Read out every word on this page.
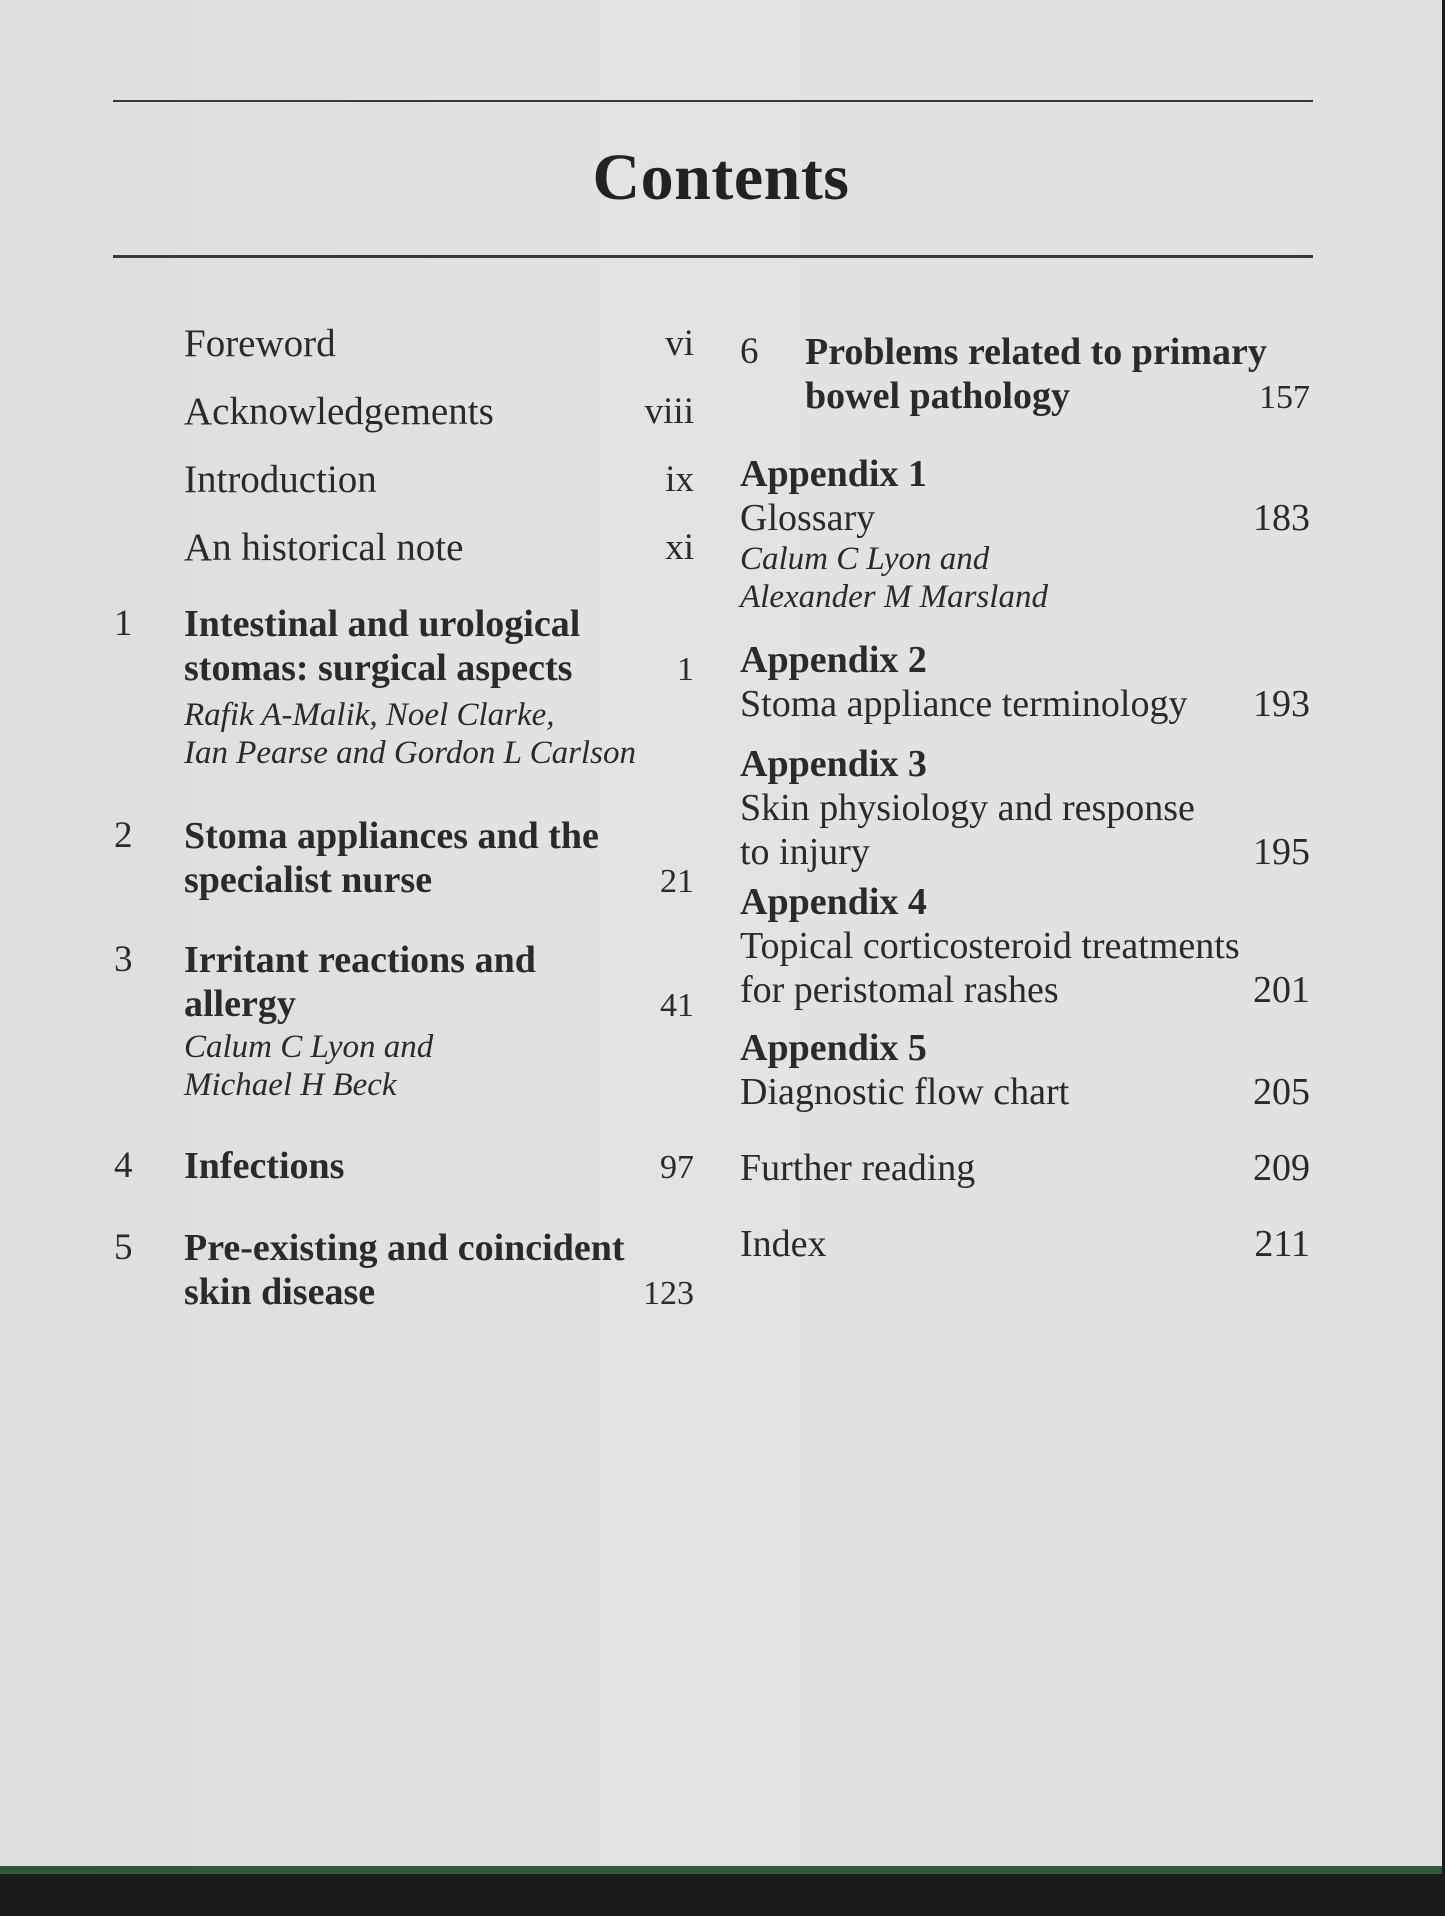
Contents
Foreword	vi
Acknowledgements	viii
Introduction	ix
An historical note	xi
1	Intestinal and urological
stomas: surgical aspects	1
Rafik A-Malik, Noel Clarke,
Ian Pearse and Gordon L Carlson
2	Stoma appliances and the
specialist nurse	21
3	Irritant reactions and
allergy	41
Calum C Lyon and
Michael H Beck
4	Infections	97
5	Pre-existing and coincident
skin disease	123
6	Problems related to primary
bowel pathology	157
Appendix 1
Glossary	183
Calum C Lyon and
Alexander M Marsland
Appendix 2
Stoma appliance terminology 193
Appendix 3
Skin physiology and response
to injury	195
Appendix 4
Topical corticosteroid treatments
for peristomal rashes	201
Appendix 5
Diagnostic flow chart	205
Further reading	209
Index	211
